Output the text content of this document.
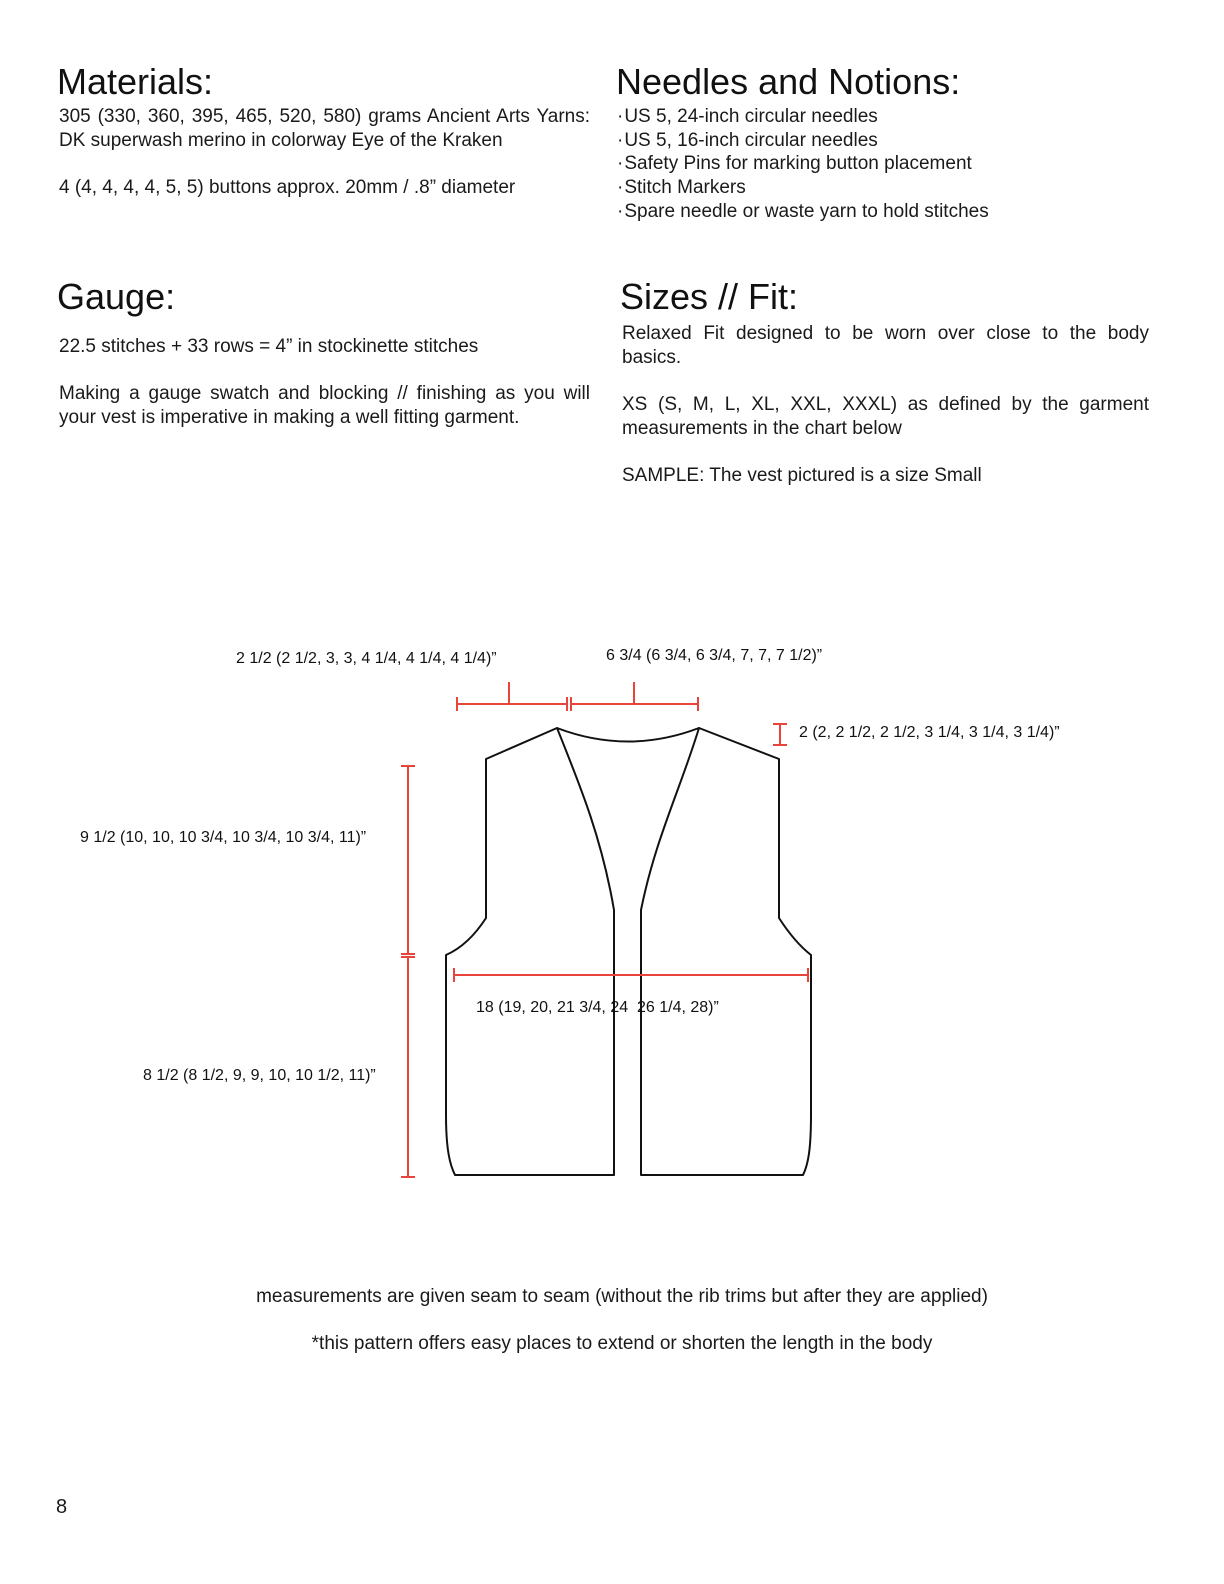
Materials:

305 (330, 360, 395, 465, 520, 580) grams Ancient Arts Yarns: DK superwash merino in colorway Eye of the Kraken

4 (4, 4, 4, 4, 5, 5) buttons approx. 20mm / .8” diameter

Needles and Notions:
· US 5, 24-inch circular needles
· US 5, 16-inch circular needles
· Safety Pins for marking button placement
· Stitch Markers
· Spare needle or waste yarn to hold stitches
Gauge:

22.5 stitches + 33 rows = 4” in stockinette stitches

Making a gauge swatch and blocking // finishing as you will your vest is imperative in making a well fitting garment.

Sizes // Fit:

Relaxed Fit designed to be worn over close to the body basics.

XS (S, M, L, XL, XXL, XXXL) as defined by the garment measurements in the chart below

SAMPLE: The vest pictured is a size Small

2 1/2 (2 1/2, 3, 3, 4 1/4, 4 1/4, 4 1/4)”	6 3/4 (6 3/4, 6 3/4, 7, 7, 7 1/2)”
2 (2, 2 1/2, 2 1/2, 3 1/4, 3 1/4, 3 1/4)”
9 1/2 (10, 10, 10 3/4, 10 3/4, 10 3/4, 11)”
18 (19, 20, 21 3/4, 24  26 1/4, 28)”
8 1/2 (8 1/2, 9, 9, 10, 10 1/2, 11)”
measurements are given seam to seam (without the rib trims but after they are applied)
*this pattern offers easy places to extend or shorten the length in the body
8
